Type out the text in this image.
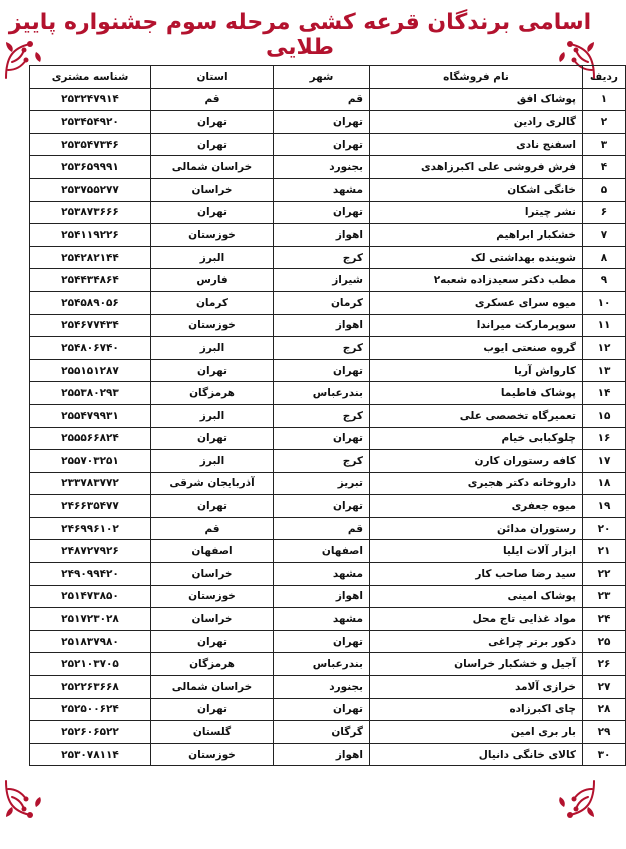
اسامی برندگان قرعه کشی مرحله سوم جشنواره پاییز طلایی
ردیف	نام فروشگاه	شهر	استان	شناسه مشتری
۱	پوشاک افق	قم	قم	۲۵۳۲۴۷۹۱۴
۲	گالری رادین	تهران	تهران	۲۵۳۴۵۴۹۲۰
۳	اسفنج نادی	تهران	تهران	۲۵۳۵۴۷۳۴۶
۴	فرش فروشی علی اکبرزاهدی	بجنورد	خراسان شمالی	۲۵۳۶۵۹۹۹۱
۵	خانگی اشکان	مشهد	خراسان	۲۵۳۷۵۵۲۷۷
۶	نشر چیترا	تهران	تهران	۲۵۳۸۷۳۶۶۶
۷	خشکبار ابراهیم	اهواز	خوزستان	۲۵۴۱۱۹۲۲۶
۸	شوینده بهداشتی لک	کرج	البرز	۲۵۴۲۸۲۱۴۴
۹	مطب دکتر سعیدزاده شعبه۲	شیراز	فارس	۲۵۴۴۳۴۸۶۴
۱۰	میوه سرای عسکری	کرمان	کرمان	۲۵۴۵۸۹۰۵۶
۱۱	سوپرمارکت میراندا	اهواز	خوزستان	۲۵۴۶۷۷۴۳۴
۱۲	گروه صنعتی ایوب	کرج	البرز	۲۵۴۸۰۶۷۴۰
۱۳	کارواش آریا	تهران	تهران	۲۵۵۱۵۱۲۸۷
۱۴	پوشاک فاطیما	بندرعباس	هرمزگان	۲۵۵۳۸۰۲۹۳
۱۵	تعمیرگاه تخصصی علی	کرج	البرز	۲۵۵۴۷۹۹۳۱
۱۶	چلوکبابی خیام	تهران	تهران	۲۵۵۵۶۶۸۲۴
۱۷	کافه رستوران کارن	کرج	البرز	۲۵۵۷۰۳۲۵۱
۱۸	داروخانه دکتر هجیری	تبریز	آذربایجان شرقی	۲۳۳۷۸۳۷۷۲
۱۹	میوه جعفری	تهران	تهران	۲۴۶۶۳۵۴۷۷
۲۰	رستوران مدائن	قم	قم	۲۴۶۹۹۶۱۰۲
۲۱	ابزار آلات ایلیا	اصفهان	اصفهان	۲۴۸۷۲۷۹۲۶
۲۲	سید رضا صاحب کار	مشهد	خراسان	۲۴۹۰۹۹۴۲۰
۲۳	پوشاک امینی	اهواز	خوزستان	۲۵۱۴۷۳۸۵۰
۲۴	مواد غذایی تاج محل	مشهد	خراسان	۲۵۱۷۲۳۰۲۸
۲۵	دکور برتر چراغی	تهران	تهران	۲۵۱۸۳۷۹۸۰
۲۶	آجیل و خشکبار خراسان	بندرعباس	هرمزگان	۲۵۲۱۰۳۷۰۵
۲۷	خرازی آلامد	بجنورد	خراسان شمالی	۲۵۲۲۶۳۶۶۸
۲۸	چای اکبرزاده	تهران	تهران	۲۵۲۵۰۰۶۲۴
۲۹	بار بری امین	گرگان	گلستان	۲۵۲۶۰۶۵۲۲
۳۰	کالای خانگی دانیال	اهواز	خوزستان	۲۵۳۰۷۸۱۱۴
